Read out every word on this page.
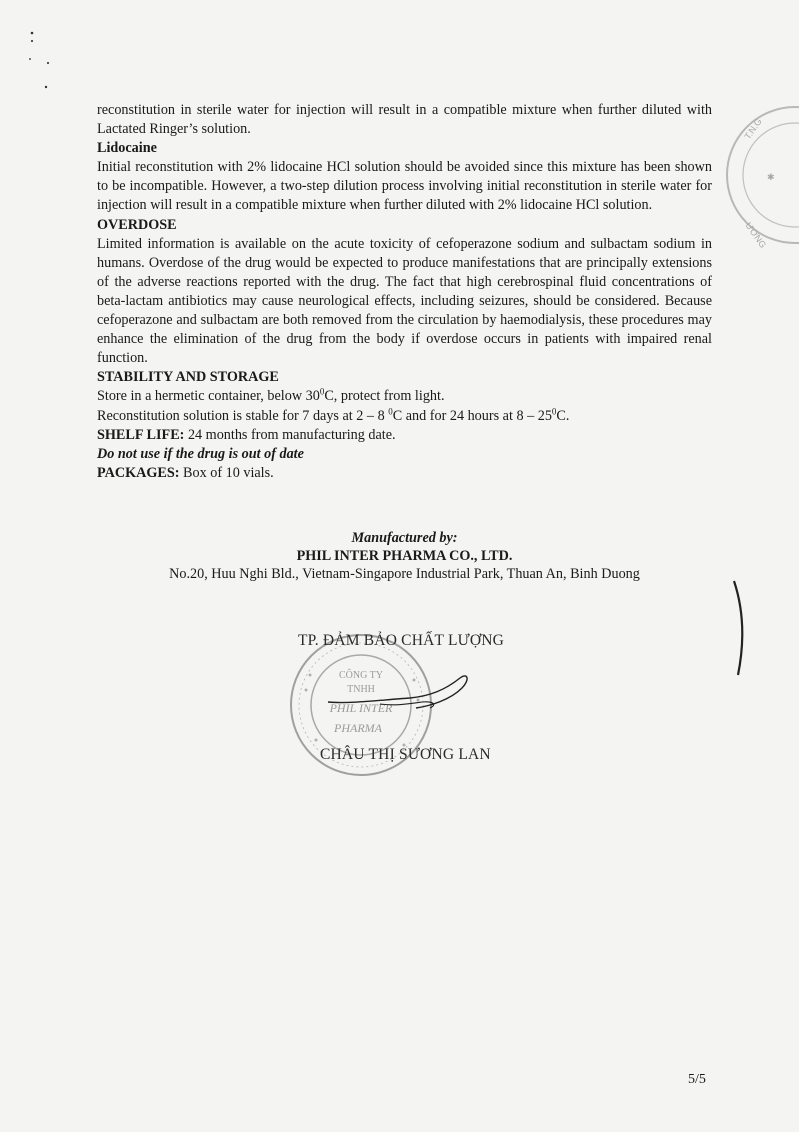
reconstitution in sterile water for injection will result in a compatible mixture when further diluted with Lactated Ringer’s solution.

Lidocaine

Initial reconstitution with 2% lidocaine HCl solution should be avoided since this mixture has been shown to be incompatible. However, a two-step dilution process involving initial reconstitution in sterile water for injection will result in a compatible mixture when further diluted with 2% lidocaine HCl solution.

OVERDOSE

Limited information is available on the acute toxicity of cefoperazone sodium and sulbactam sodium in humans. Overdose of the drug would be expected to produce manifestations that are principally extensions of the adverse reactions reported with the drug. The fact that high cerebrospinal fluid concentrations of beta-lactam antibiotics may cause neurological effects, including seizures, should be considered. Because cefoperazone and sulbactam are both removed from the circulation by haemodialysis, these procedures may enhance the elimination of the drug from the body if overdose occurs in patients with impaired renal function.

STABILITY AND STORAGE

Store in a hermetic container, below $30^0C$, protect from light.

Reconstitution solution is stable for 7 days at 2 – 8 $^0$C and for 24 hours at $8 - 25^0C$.

SHELF LIFE: 24 months from manufacturing date.

Do not use if the drug is out of date

PACKAGES: Box of 10 vials.

Manufactured by:
PHIL INTER PHARMA CO., LTD.
No.20, Huu Nghi Bld., Vietnam-Singapore Industrial Park, Thuan An, Binh Duong
CÔNG TY
TNHH
PHIL INTER
PHARMA
T.N.G
✱
ƯƠNG
TP. ĐẢM BẢO CHẤT LƯỢNG
CHÂU THỊ SƯƠNG LAN
5/5
